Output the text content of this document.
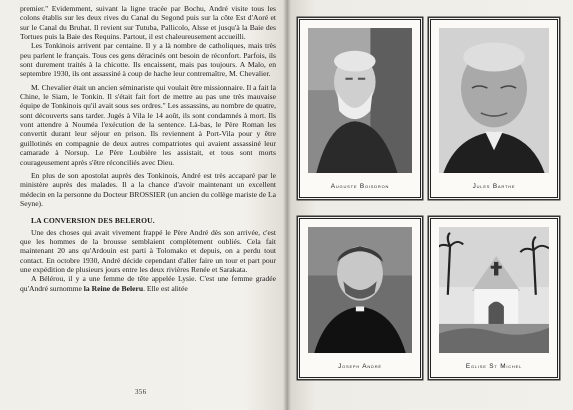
premier." Evidemment, suivant la ligne tracée par Bochu, André visite tous les colons établis sur les deux rives du Canal du Segond puis sur la côte Est d'Aoré et sur le Canal du Bruhat. Il revient sur Tutuba, Pallicolo, Alsse et jusqu'à la Baie des Tortues puis la Baie des Requins. Partout, il est chaleureusement accueilli.

Les Tonkinois arrivent par centaine. Il y a là nombre de catholiques, mais très peu parlent le français. Tous ces gens déracinés ont besoin de réconfort. Parfois, ils sont durement traités à la chicotte. Ils encaissent, mais pas toujours. A Malo, en septembre 1930, ils ont assassiné à coup de hache leur contremaître, M. Chevalier.

M. Chevalier était un ancien séminariste qui voulait être missionnaire. Il a fait la Chine, le Siam, le Tonkin. Il s'était fait fort de mettre au pas une très mauvaise équipe de Tonkinois qu'il avait sous ses ordres." Les assassins, au nombre de quatre, sont découverts sans tarder. Jugés à Vila le 14 août, ils sont condamnés à mort. Ils vont attendre à Nouméa l'exécution de la sentence. Là-bas, le Père Roman les convertit durant leur séjour en prison. Ils reviennent à Port-Vila pour y être guillotinés en compagnie de deux autres compatriotes qui avaient assassiné leur camarade à Norsup. Le Père Loubière les assistait, et tous sont morts courageusement après s'être réconciliés avec Dieu.

En plus de son apostolat auprès des Tonkinois, André est très accaparé par le ministère auprès des malades. Il a la chance d'avoir maintenant un excellent médecin en la personne du Docteur BROSSIER (un ancien du collège mariste de La Seyne).

LA CONVERSION DES BELEROU.

Une des choses qui avait vivement frappé le Père André dès son arrivée, c'est que les hommes de la brousse semblaient complètement oubliés. Cela fait maintenant 20 ans qu'Ardouin est parti à Tolomako et depuis, on a perdu tout contact. En octobre 1930, André décide cependant d'aller faire un tour et part pour une expédition de plusieurs jours entre les deux rivières Renée et Sarakata.

A Bélérou, il y a une femme de tête appelée Lysie. C'est une femme gradée qu'André surnomme la Reine de Beleru. Elle est alitée

356
Auguste Boisdron	Jules Barthe
Joseph André	Eglise St Michel
